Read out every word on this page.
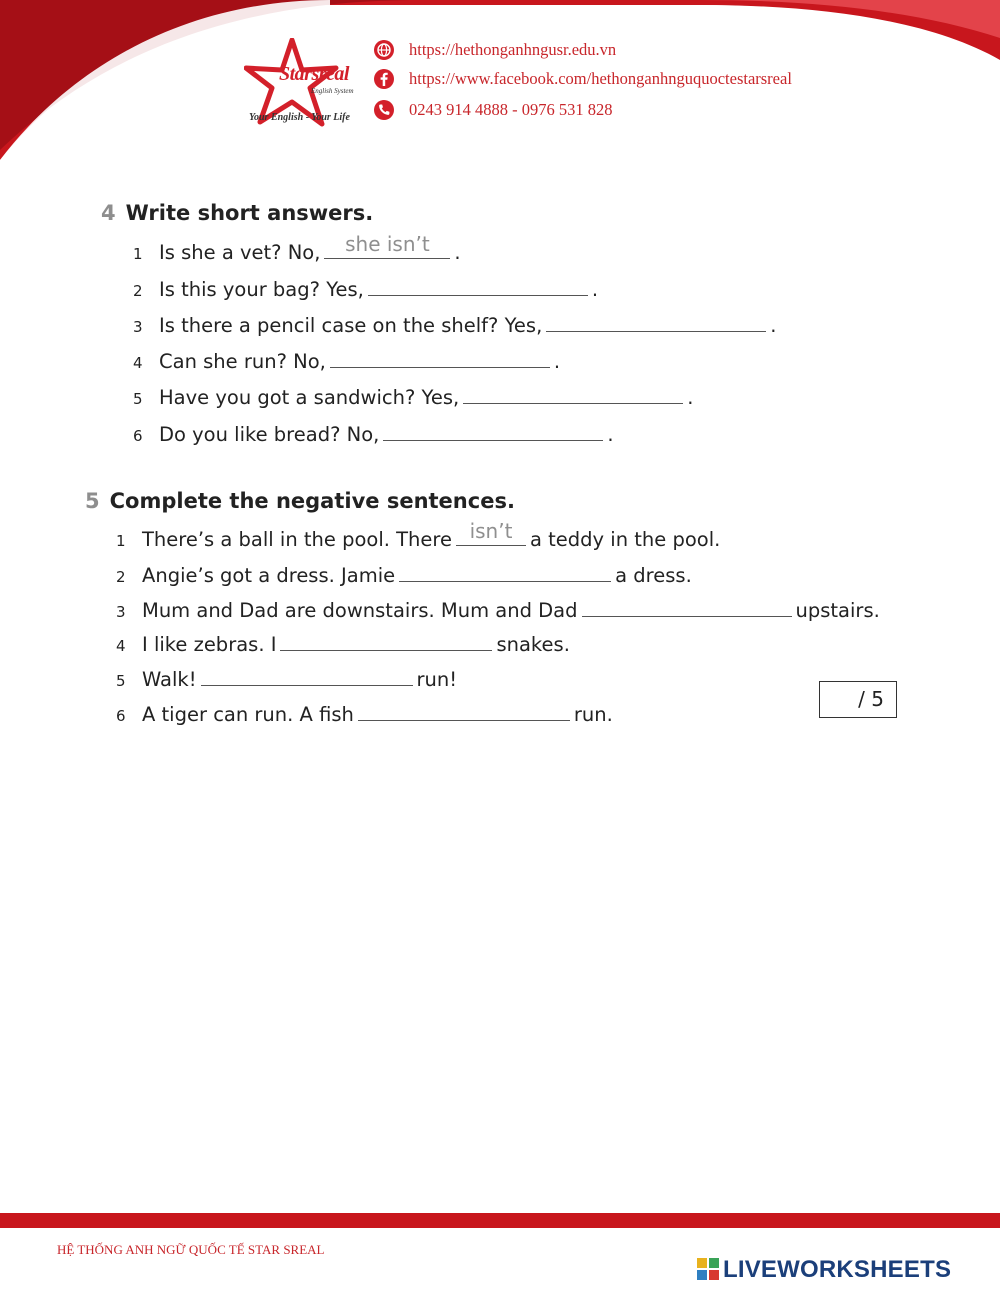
Starsreal
English System
Your English - Your Life
https://hethonganhngusr.edu.vn
https://www.facebook.com/hethonganhnguquoctestarsreal
0243 914 4888 - 0976 531 828
4 Write short answers.
1 Is she a vet? No,	she isn’t	.
2 Is this your bag? Yes,	.
3 Is there a pencil case on the shelf? Yes,	.
4 Can she run? No,	.
5 Have you got a sandwich? Yes,	.
6 Do you like bread? No,	.
5 Complete the negative sentences.
1 There’s a ball in the pool. There isn’t a teddy in the pool.
2 Angie’s got a dress. Jamie	a dress.
3 Mum and Dad are downstairs. Mum and Dad	upstairs.
4 I like zebras. I	snakes.
5 Walk!	run!
6 A tiger can run. A fish	run.
/ 5
HỆ THỐNG ANH NGỮ QUỐC TẾ STAR SREAL
LIVEWORKSHEETS
